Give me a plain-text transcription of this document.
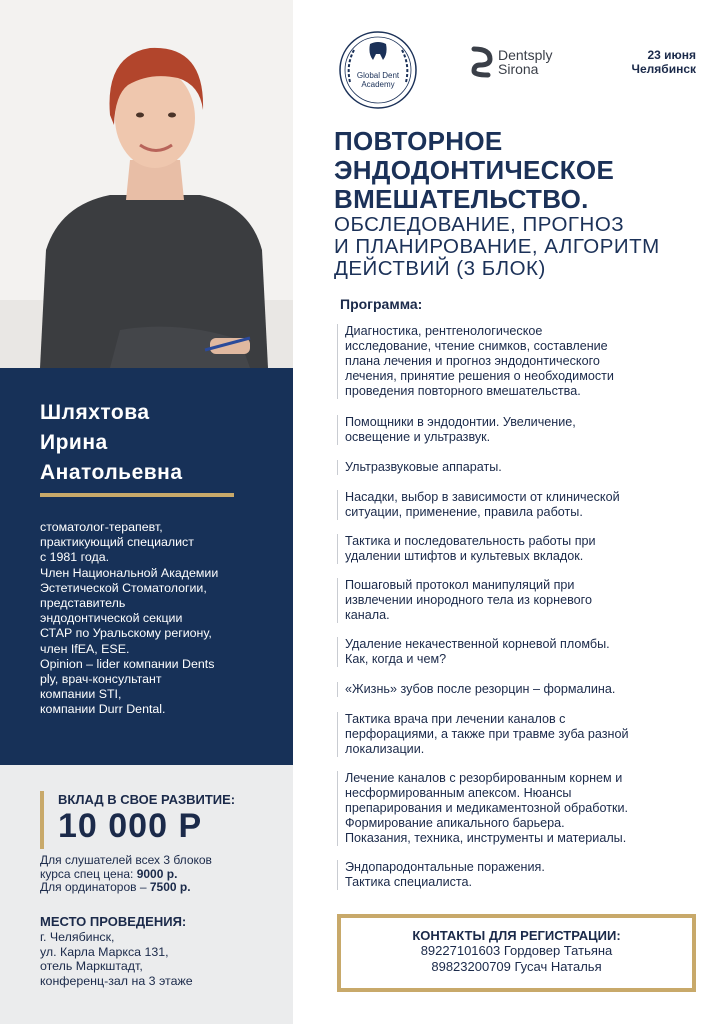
Шляхтова
Ирина
Анатольевна
стоматолог-терапевт,
практикующий специалист
с 1981 года.
Член Национальной Академии
Эстетической Стоматологии,
представитель
эндодонтической секции
СТАР по Уральскому региону,
член IfEA, ESE.
Opinion – lider компании Dents
ply, врач-консультант
компании STI,
компании Durr Dental.
ВКЛАД В СВОЕ РАЗВИТИЕ:
10 000 Р
Для слушателей всех 3 блоков
курса спец цена: 9000 р.
Для ординаторов – 7500 р.
МЕСТО ПРОВЕДЕНИЯ:
г. Челябинск,
ул. Карла Маркса 131,
отель Маркштадт,
конференц-зал на 3 этаже
Global Dent
Academy
Dentsply
Sirona
23 июня
Челябинск
ПОВТОРНОЕ
ЭНДОДОНТИЧЕСКОЕ
ВМЕШАТЕЛЬСТВО.
ОБСЛЕДОВАНИЕ, ПРОГНОЗ
И ПЛАНИРОВАНИЕ, АЛГОРИТМ
ДЕЙСТВИЙ (3 БЛОК)
Программа:
Диагностика, рентгенологическое
исследование, чтение снимков, составление
плана лечения и прогноз эндодонтического
лечения, принятие решения о необходимости
проведения повторного вмешательства.
Помощники в эндодонтии. Увеличение,
освещение и ультразвук.
Ультразвуковые аппараты.
Насадки, выбор в зависимости от клинической
ситуации, применение, правила работы.
Тактика и последовательность работы при
удалении штифтов и культевых вкладок.
Пошаговый протокол манипуляций при
извлечении инородного тела из корневого
канала.
Удаление некачественной корневой пломбы.
Как, когда и чем?
«Жизнь» зубов после резорцин – формалина.
Тактика врача при лечении каналов с
перфорациями, а также при травме зуба разной
локализации.
Лечение каналов с резорбированным корнем и
несформированным апексом. Нюансы
препарирования и медикаментозной обработки.
Формирование апикального барьера.
Показания, техника, инструменты и материалы.
Эндопародонтальные поражения.
Тактика специалиста.
КОНТАКТЫ ДЛЯ РЕГИСТРАЦИИ:
89227101603 Гордовер Татьяна
89823200709 Гусач Наталья
